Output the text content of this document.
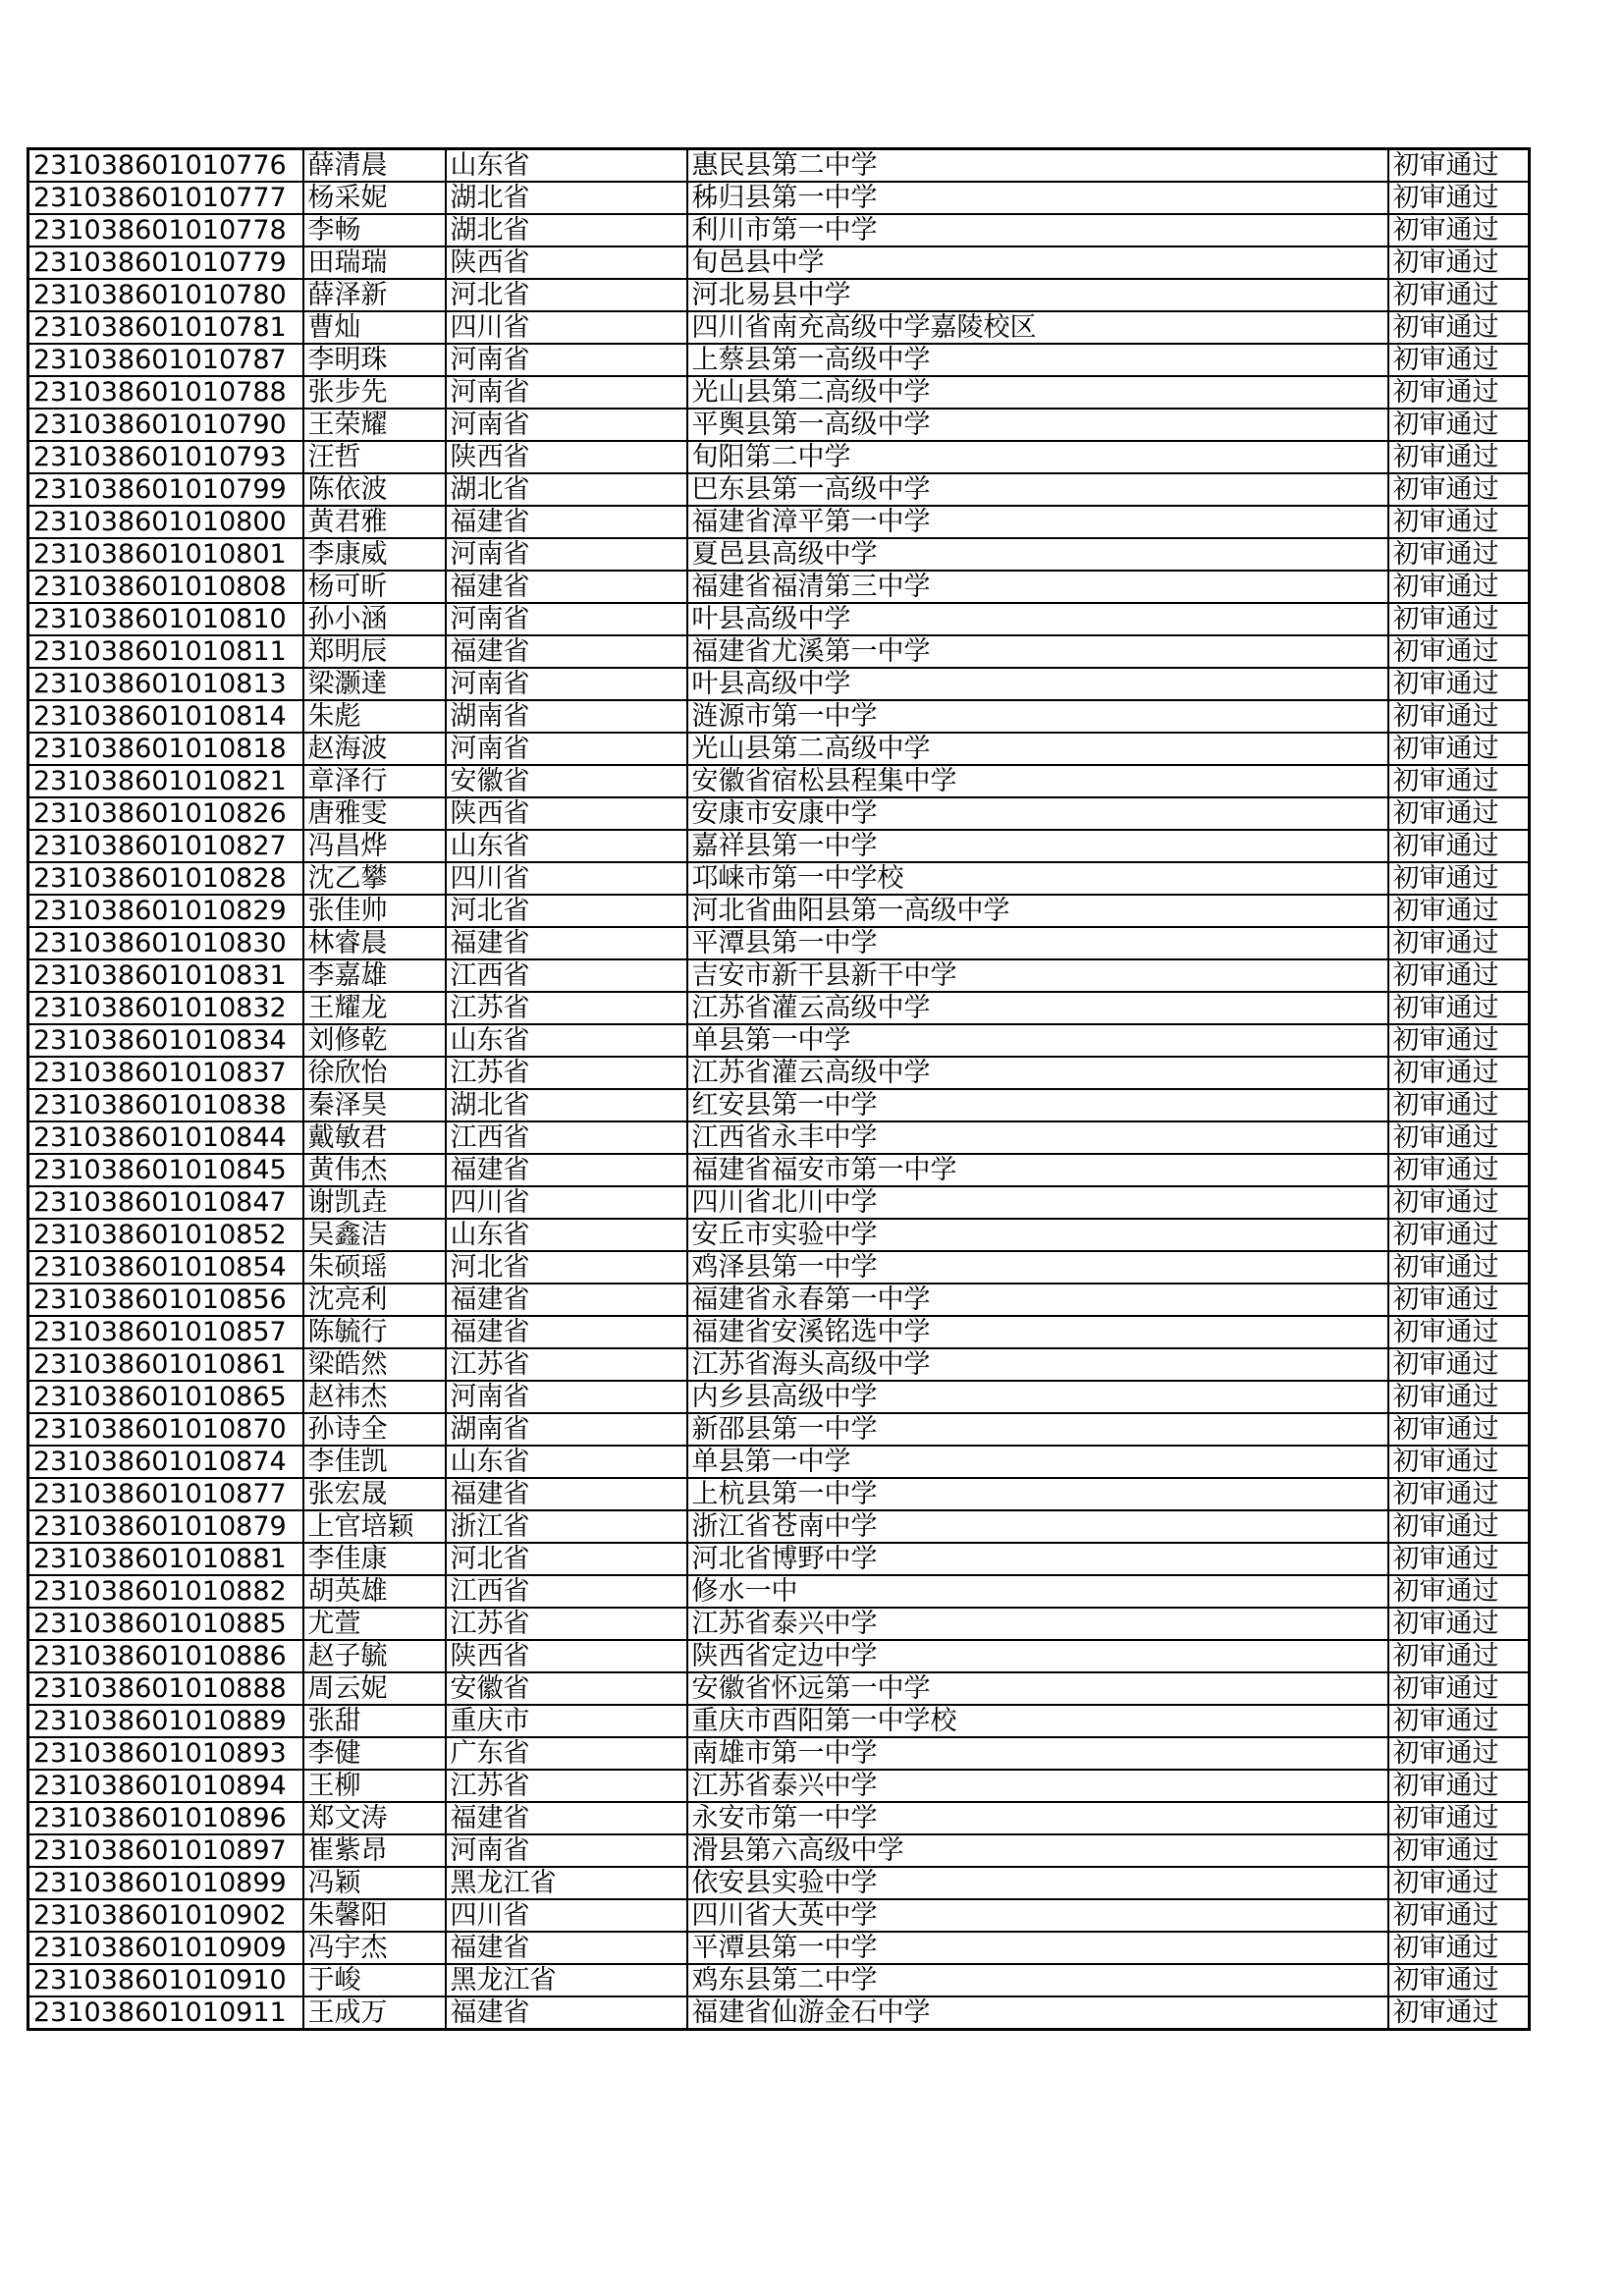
231038601010776	薛清晨	山东省	惠民县第二中学	初审通过
231038601010777	杨采妮	湖北省	秭归县第一中学	初审通过
231038601010778	李畅	湖北省	利川市第一中学	初审通过
231038601010779	田瑞瑞	陕西省	旬邑县中学	初审通过
231038601010780	薛泽新	河北省	河北易县中学	初审通过
231038601010781	曹灿	四川省	四川省南充高级中学嘉陵校区	初审通过
231038601010787	李明珠	河南省	上蔡县第一高级中学	初审通过
231038601010788	张步先	河南省	光山县第二高级中学	初审通过
231038601010790	王荣耀	河南省	平舆县第一高级中学	初审通过
231038601010793	汪哲	陕西省	旬阳第二中学	初审通过
231038601010799	陈依波	湖北省	巴东县第一高级中学	初审通过
231038601010800	黄君雅	福建省	福建省漳平第一中学	初审通过
231038601010801	李康威	河南省	夏邑县高级中学	初审通过
231038601010808	杨可昕	福建省	福建省福清第三中学	初审通过
231038601010810	孙小涵	河南省	叶县高级中学	初审通过
231038601010811	郑明辰	福建省	福建省尤溪第一中学	初审通过
231038601010813	梁灏達	河南省	叶县高级中学	初审通过
231038601010814	朱彪	湖南省	涟源市第一中学	初审通过
231038601010818	赵海波	河南省	光山县第二高级中学	初审通过
231038601010821	章泽行	安徽省	安徽省宿松县程集中学	初审通过
231038601010826	唐雅雯	陕西省	安康市安康中学	初审通过
231038601010827	冯昌烨	山东省	嘉祥县第一中学	初审通过
231038601010828	沈乙攀	四川省	邛崃市第一中学校	初审通过
231038601010829	张佳帅	河北省	河北省曲阳县第一高级中学	初审通过
231038601010830	林睿晨	福建省	平潭县第一中学	初审通过
231038601010831	李嘉雄	江西省	吉安市新干县新干中学	初审通过
231038601010832	王耀龙	江苏省	江苏省灌云高级中学	初审通过
231038601010834	刘修乾	山东省	单县第一中学	初审通过
231038601010837	徐欣怡	江苏省	江苏省灌云高级中学	初审通过
231038601010838	秦泽昊	湖北省	红安县第一中学	初审通过
231038601010844	戴敏君	江西省	江西省永丰中学	初审通过
231038601010845	黄伟杰	福建省	福建省福安市第一中学	初审通过
231038601010847	谢凯垚	四川省	四川省北川中学	初审通过
231038601010852	吴鑫洁	山东省	安丘市实验中学	初审通过
231038601010854	朱硕瑶	河北省	鸡泽县第一中学	初审通过
231038601010856	沈亮利	福建省	福建省永春第一中学	初审通过
231038601010857	陈毓行	福建省	福建省安溪铭选中学	初审通过
231038601010861	梁皓然	江苏省	江苏省海头高级中学	初审通过
231038601010865	赵祎杰	河南省	内乡县高级中学	初审通过
231038601010870	孙诗全	湖南省	新邵县第一中学	初审通过
231038601010874	李佳凯	山东省	单县第一中学	初审通过
231038601010877	张宏晟	福建省	上杭县第一中学	初审通过
231038601010879	上官培颖	浙江省	浙江省苍南中学	初审通过
231038601010881	李佳康	河北省	河北省博野中学	初审通过
231038601010882	胡英雄	江西省	修水一中	初审通过
231038601010885	尤萱	江苏省	江苏省泰兴中学	初审通过
231038601010886	赵子毓	陕西省	陕西省定边中学	初审通过
231038601010888	周云妮	安徽省	安徽省怀远第一中学	初审通过
231038601010889	张甜	重庆市	重庆市酉阳第一中学校	初审通过
231038601010893	李健	广东省	南雄市第一中学	初审通过
231038601010894	王柳	江苏省	江苏省泰兴中学	初审通过
231038601010896	郑文涛	福建省	永安市第一中学	初审通过
231038601010897	崔紫昂	河南省	滑县第六高级中学	初审通过
231038601010899	冯颖	黑龙江省	依安县实验中学	初审通过
231038601010902	朱馨阳	四川省	四川省大英中学	初审通过
231038601010909	冯宇杰	福建省	平潭县第一中学	初审通过
231038601010910	于峻	黑龙江省	鸡东县第二中学	初审通过
231038601010911	王成万	福建省	福建省仙游金石中学	初审通过
